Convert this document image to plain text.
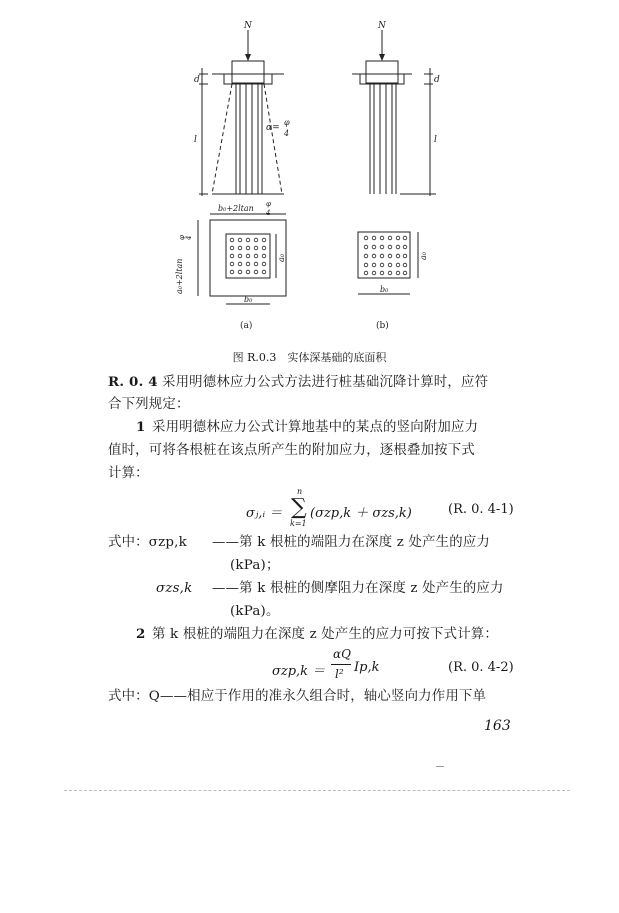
N	N
d
l
d
l
α=
φ
4
b₀+2ltan φ
4
a₀+2ltan
φ 4
a₀
b₀
a₀
b₀
(a)	(b)
图 R.0.3　实体深基础的底面积
R. 0. 4 采用明德林应力公式方法进行桩基础沉降计算时，应符
合下列规定：
1 采用明德林应力公式计算地基中的某点的竖向附加应力
值时，可将各根桩在该点所产生的附加应力，逐根叠加按下式
计算：
σⱼ,ᵢ ＝
n
∑
k=1
(σzp,k ＋ σzs,k)	(R. 0. 4-1)
式中：σzp,k ——第 k 根桩的端阻力在深度 z 处产生的应力
(kPa)；
σzs,k ——第 k 根桩的侧摩阻力在深度 z 处产生的应力
(kPa)。
2 第 k 根桩的端阻力在深度 z 处产生的应力可按下式计算：
σzp,k ＝
αQ
l² Ip,k	(R. 0. 4-2)
式中：Q——相应于作用的准永久组合时，轴心竖向力作用下单
163
